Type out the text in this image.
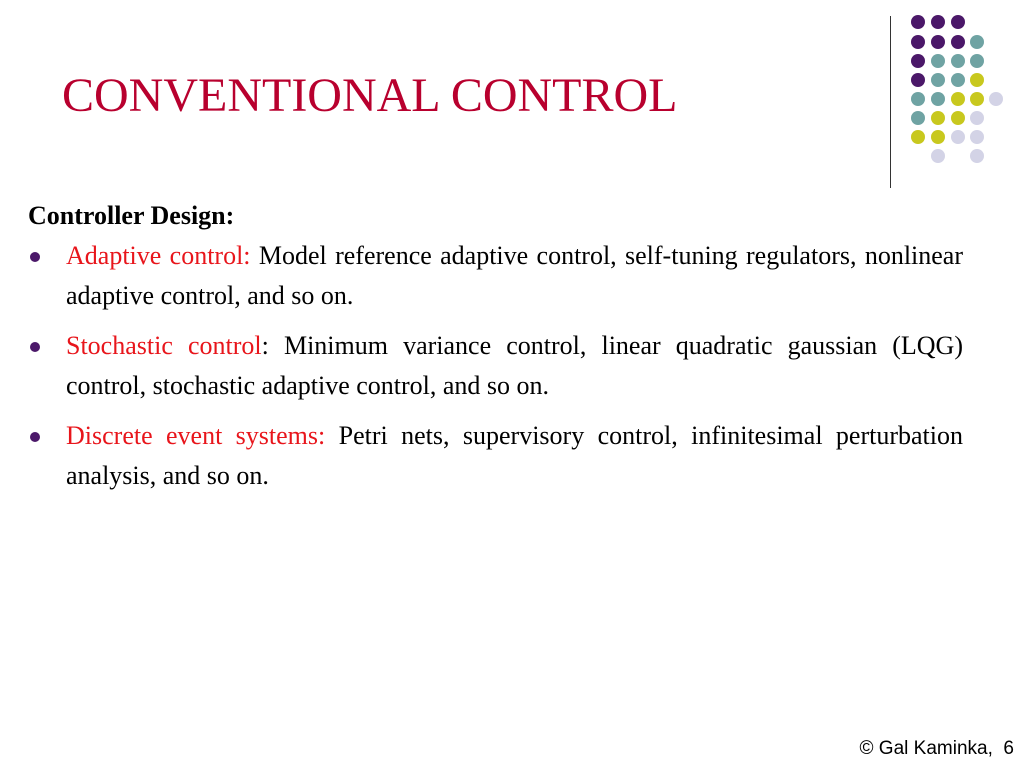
CONVENTIONAL CONTROL
Controller Design:
Adaptive control: Model reference adaptive control, self-tuning regulators, nonlinear adaptive control, and so on.
Stochastic control: Minimum variance control, linear quadratic gaussian (LQG) control, stochastic adaptive control, and so on.
Discrete event systems: Petri nets, supervisory control, infinitesimal perturbation analysis, and so on.
© Gal Kaminka, 6
